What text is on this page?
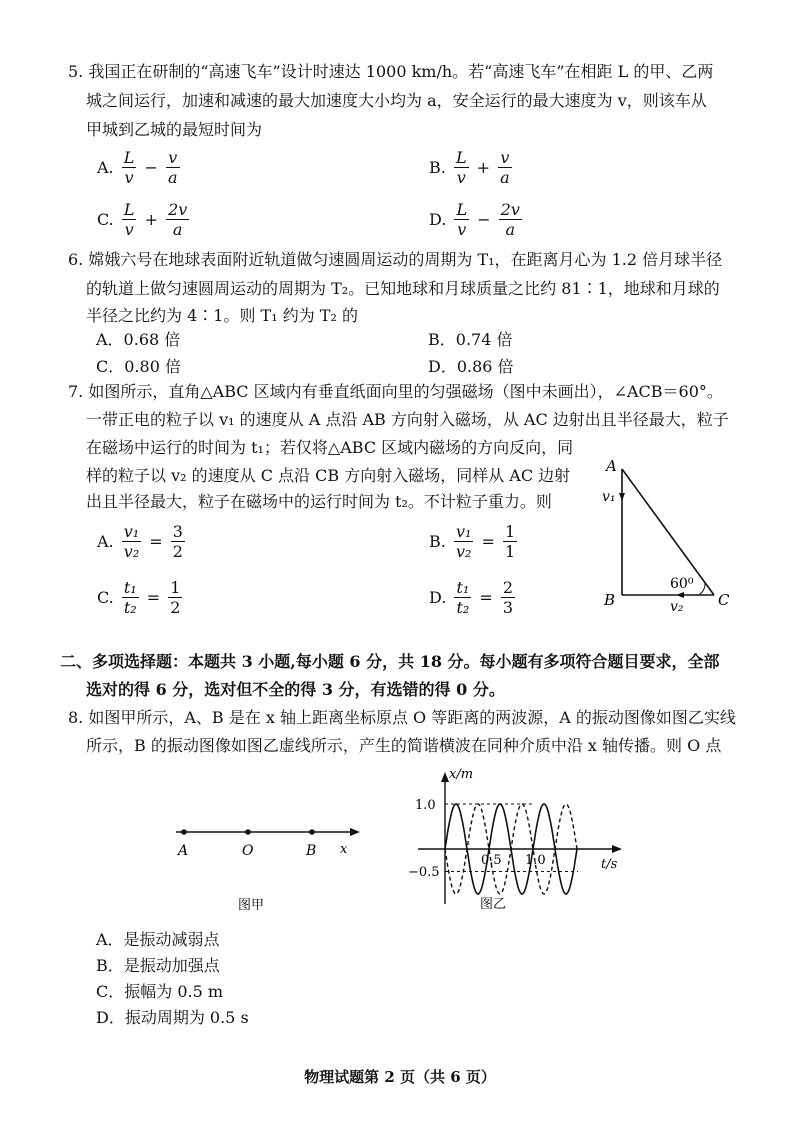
5. 我国正在研制的“高速飞车”设计时速达 1000 km/h。若“高速飞车”在相距 L 的甲、乙两
城之间运行，加速和减速的最大加速度大小均为 a，安全运行的最大速度为 v，则该车从
甲城到乙城的最短时间为
A. $\frac{L}{v} - \frac{v}{a}$	B. $\frac{L}{v} + \frac{v}{a}$
C. $\frac{L}{v} + \frac{2v}{a}$	D. $\frac{L}{v} - \frac{2v}{a}$
6. 嫦娥六号在地球表面附近轨道做匀速圆周运动的周期为 T₁，在距离月心为 1.2 倍月球半径
的轨道上做匀速圆周运动的周期为 T₂。已知地球和月球质量之比约 81∶1，地球和月球的
半径之比约为 4∶1。则 T₁ 约为 T₂ 的
A．0.68 倍	B．0.74 倍
C．0.80 倍	D．0.86 倍
7. 如图所示，直角△ABC 区域内有垂直纸面向里的匀强磁场（图中未画出），∠ACB＝60°。
一带正电的粒子以 v₁ 的速度从 A 点沿 AB 方向射入磁场，从 AC 边射出且半径最大，粒子
在磁场中运行的时间为 t₁；若仅将△ABC 区域内磁场的方向反向，同
样的粒子以 v₂ 的速度从 C 点沿 CB 方向射入磁场，同样从 AC 边射
出且半径最大，粒子在磁场中的运行时间为 t₂。不计粒子重力。则
A. $\frac{\text{v₁}}{\text{v₂}} = \frac{3}{2}$	B. $\frac{\text{v₁}}{\text{v₂}} = \frac{1}{1}$
C. $\frac{\text{t₁}}{\text{t₂}} = \frac{1}{2}$	D. $\frac{\text{t₁}}{\text{t₂}} = \frac{2}{3}$
A
B	C
v₁
v₂
60⁰
二、多项选择题：本题共 3 小题,每小题 6 分，共 18 分。每小题有多项符合题目要求，全部
选对的得 6 分，选对但不全的得 3 分，有选错的得 0 分。
8. 如图甲所示，A、B 是在 x 轴上距离坐标原点 O 等距离的两波源，A 的振动图像如图乙实线
所示，B 的振动图像如图乙虚线所示，产生的简谐横波在同种介质中沿 x 轴传播。则 O 点
A	O	B x
图甲
x/m
t/s
1.0
−0.5
0.5 1.0
图乙
A．是振动减弱点
B．是振动加强点
C．振幅为 0.5 m
D．振动周期为 0.5 s
物理试题第 2 页（共 6 页）
